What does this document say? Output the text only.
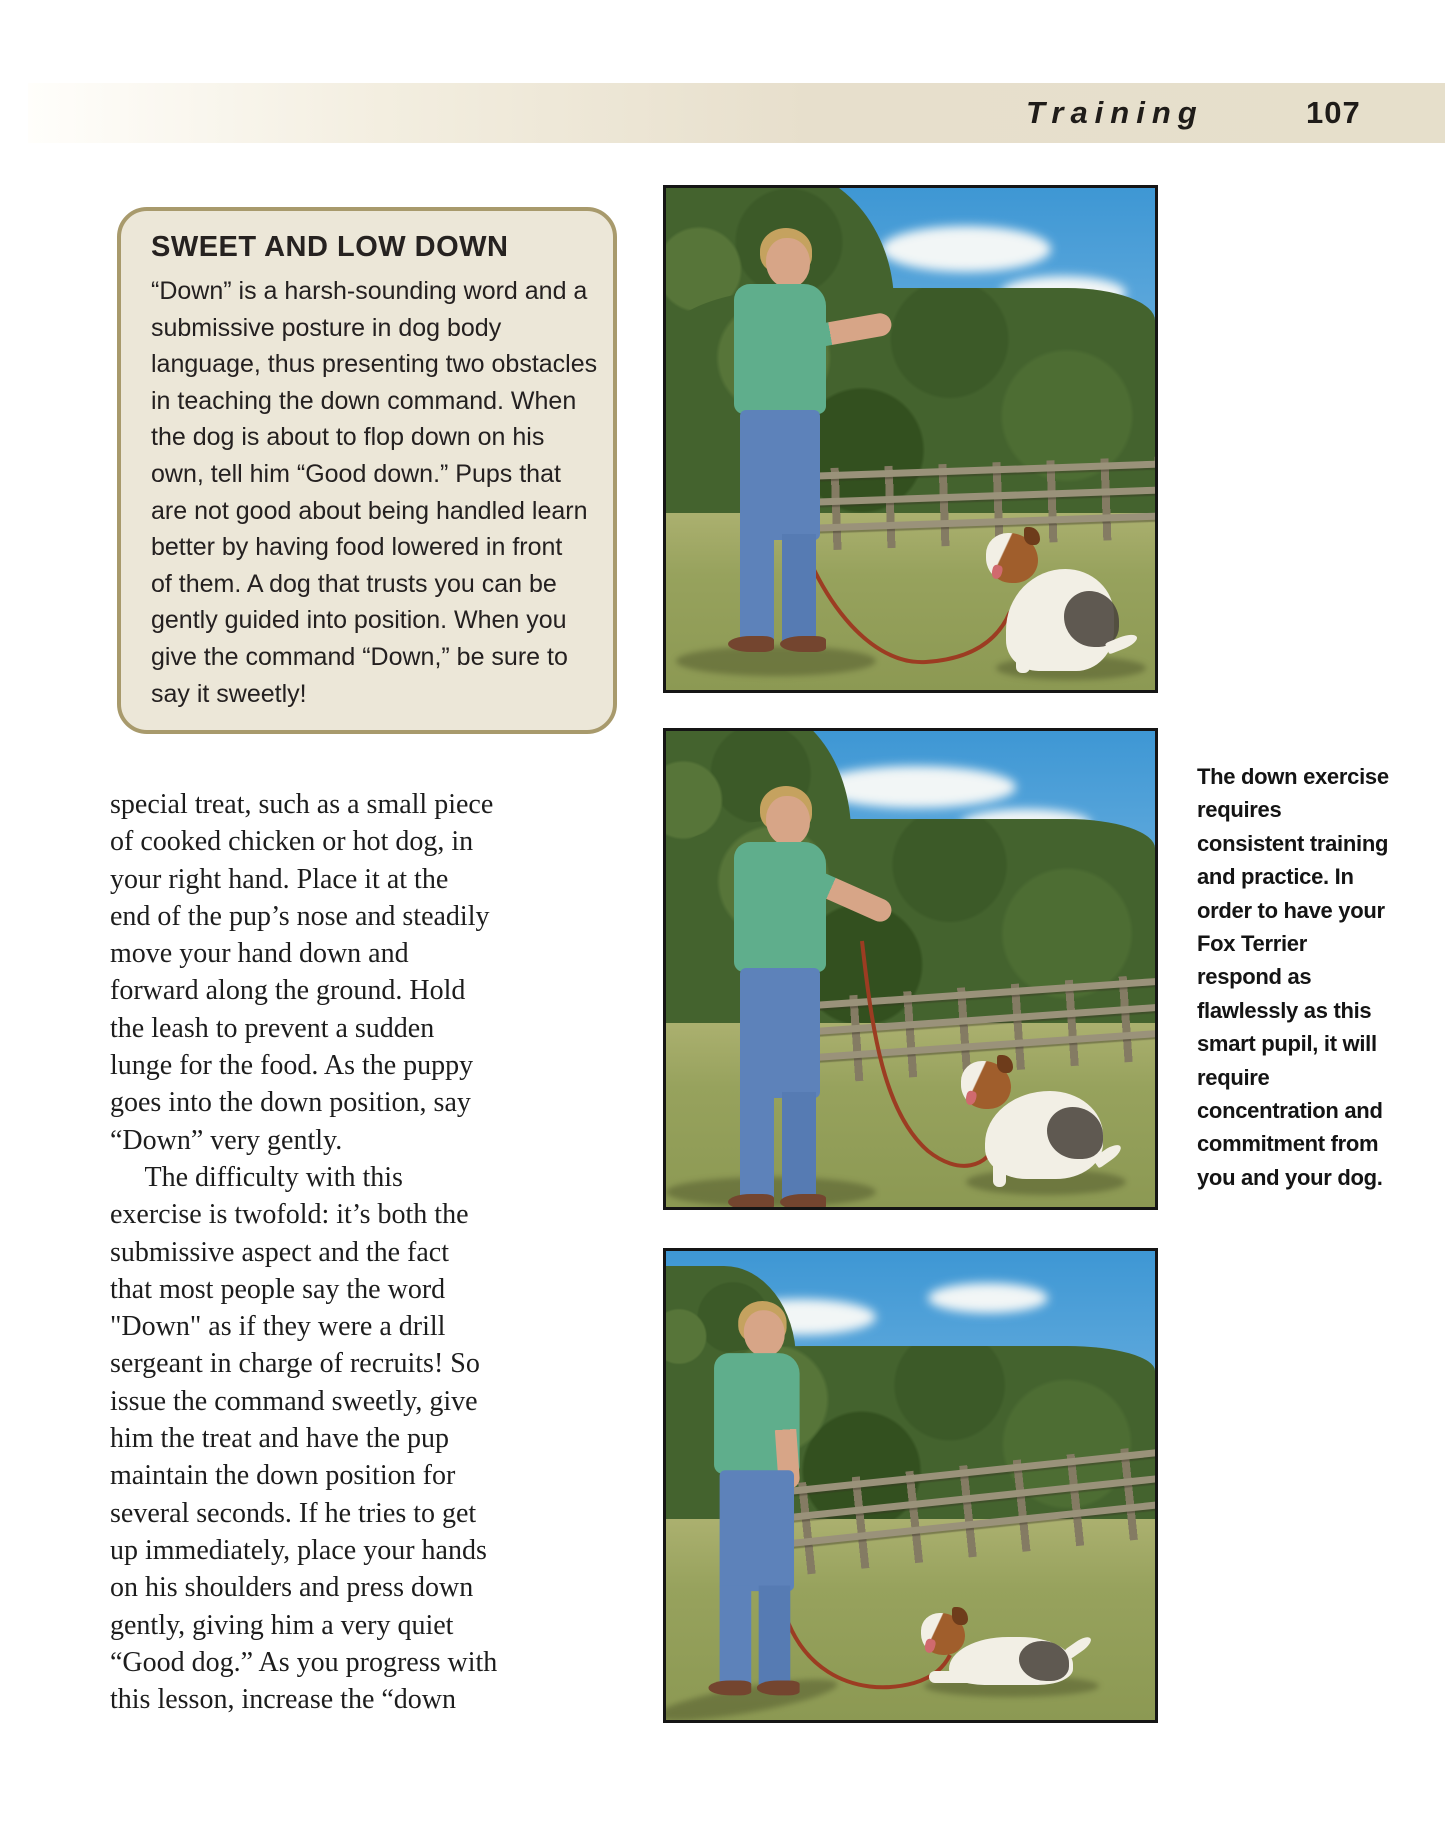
Training	107
SWEET AND LOW DOWN
“Down” is a harsh-sounding word and a
submissive posture in dog body
language, thus presenting two obstacles
in teaching the down command. When
the dog is about to flop down on his
own, tell him “Good down.” Pups that
are not good about being handled learn
better by having food lowered in front
of them. A dog that trusts you can be
gently guided into position. When you
give the command “Down,” be sure to
say it sweetly!
special treat, such as a small piece
of cooked chicken or hot dog, in
your right hand. Place it at the
end of the pup’s nose and steadily
move your hand down and
forward along the ground. Hold
the leash to prevent a sudden
lunge for the food. As the puppy
goes into the down position, say
“Down” very gently.
The difficulty with this
exercise is twofold: it’s both the
submissive aspect and the fact
that most people say the word
"Down" as if they were a drill
sergeant in charge of recruits! So
issue the command sweetly, give
him the treat and have the pup
maintain the down position for
several seconds. If he tries to get
up immediately, place your hands
on his shoulders and press down
gently, giving him a very quiet
“Good dog.” As you progress with
this lesson, increase the “down
The down exercise
requires
consistent training
and practice. In
order to have your
Fox Terrier
respond as
flawlessly as this
smart pupil, it will
require
concentration and
commitment from
you and your dog.
